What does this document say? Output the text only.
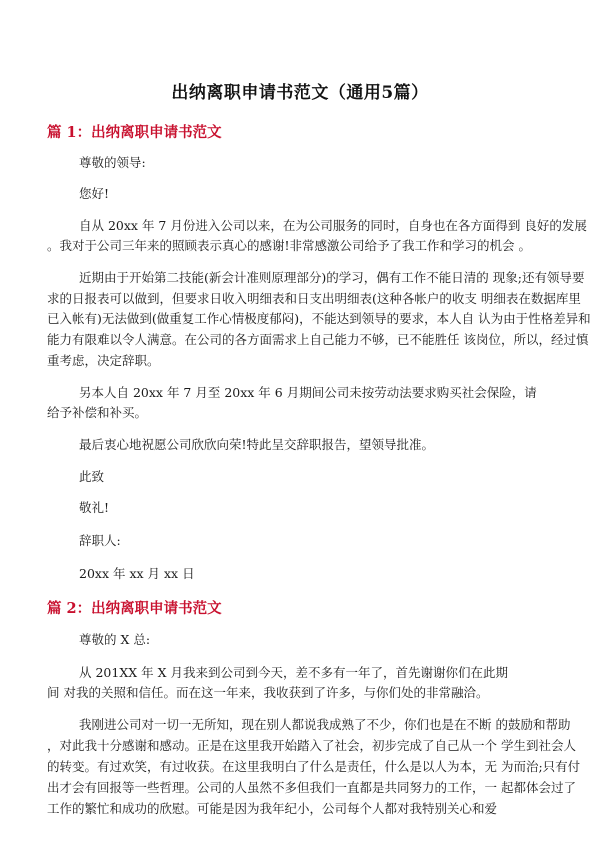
出纳离职申请书范文（通用5篇）
篇 1：出纳离职申请书范文
尊敬的领导:
您好!
自从 20xx 年 7 月份进入公司以来，在为公司服务的同时，自身也在各方面得到 良好的发展
。我对于公司三年来的照顾表示真心的感谢!非常感激公司给予了我工作和学习的机会 。
近期由于开始第二技能(新会计准则原理部分)的学习，偶有工作不能日清的 现象;还有领导要
求的日报表可以做到，但要求日收入明细表和日支出明细表(这种各帐户的收支 明细表在数据库里
已入帐有)无法做到(做重复工作心情极度郁闷)，不能达到领导的要求，本人自 认为由于性格差异和
能力有限难以令人满意。在公司的各方面需求上自己能力不够，已不能胜任 该岗位，所以，经过慎
重考虑，决定辞职。
另本人自 20xx 年 7 月至 20xx 年 6 月期间公司未按劳动法要求购买社会保险，请
给予补偿和补买。
最后衷心地祝愿公司欣欣向荣!特此呈交辞职报告，望领导批准。
此致
敬礼!
辞职人:
20xx 年 xx 月 xx 日
篇 2：出纳离职申请书范文
尊敬的 X 总:
从 201XX 年 X 月我来到公司到今天，差不多有一年了，首先谢谢你们在此期
间 对我的关照和信任。而在这一年来，我收获到了许多，与你们处的非常融洽。
我刚进公司对一切一无所知，现在别人都说我成熟了不少，你们也是在不断 的鼓励和帮助
，对此我十分感谢和感动。正是在这里我开始踏入了社会，初步完成了自己从一个 学生到社会人
的转变。有过欢笑，有过收获。在这里我明白了什么是责任，什么是以人为本，无 为而治;只有付
出才会有回报等一些哲理。公司的人虽然不多但我们一直都是共同努力的工作，一 起都体会过了
工作的繁忙和成功的欣慰。可能是因为我年纪小，公司每个人都对我特别关心和爱
